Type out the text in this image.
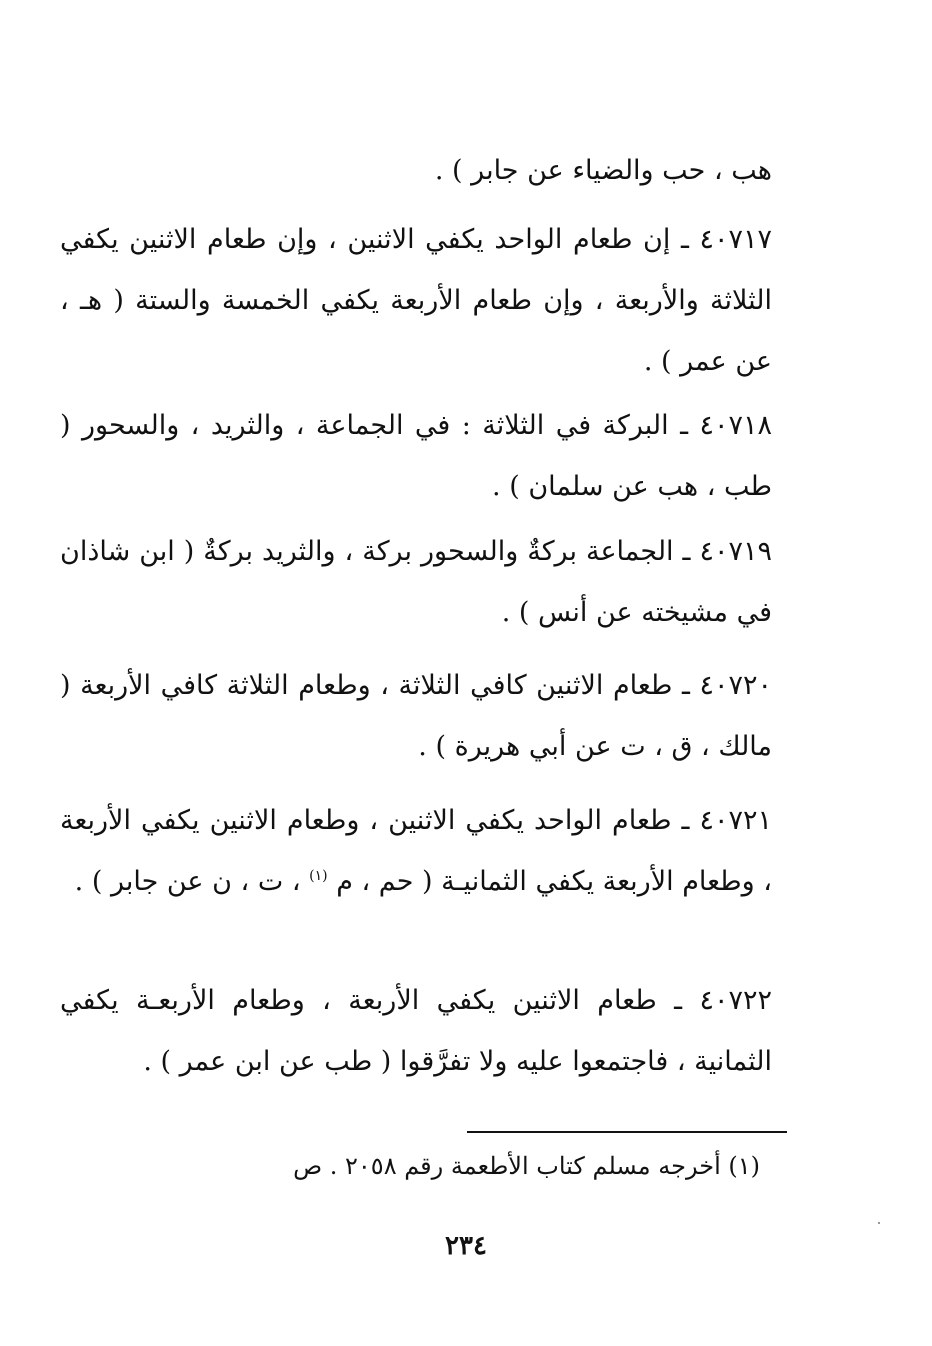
هب ، حب والضياء عن جابر ) .
٤٠٧١٧ ـ إن طعام الواحد يكفي الاثنين ، وإن طعام الاثنين يكفي الثلاثة والأربعة ، وإن طعام الأربعة يكفي الخمسة والستة ( هـ ، عن عمر ) .
٤٠٧١٨ ـ البركة في الثلاثة : في الجماعة ، والثريد ، والسحور ( طب ، هب عن سلمان ) .
٤٠٧١٩ ـ الجماعة بركةٌ والسحور بركة ، والثريد بركةٌ ( ابن شاذان في مشيخته عن أنس ) .
٤٠٧٢٠ ـ طعام الاثنين كافي الثلاثة ، وطعام الثلاثة كافي الأربعة ( مالك ، ق ، ت عن أبي هريرة ) .
٤٠٧٢١ ـ طعام الواحد يكفي الاثنين ، وطعام الاثنين يكفي الأربعة ، وطعام الأربعة يكفي الثمانيـة ( حم ، م $^{(١)}$ ، ت ، ن عن جابر ) .
٤٠٧٢٢ ـ طعام الاثنين يكفي الأربعة ، وطعام الأربعـة يكفي الثمانية ، فاجتمعوا عليه ولا تفرَّقوا ( طب عن ابن عمر ) .
(١) أخرجه مسلم كتاب الأطعمة رقم ٢٠٥٨ . ص
٢٣٤
